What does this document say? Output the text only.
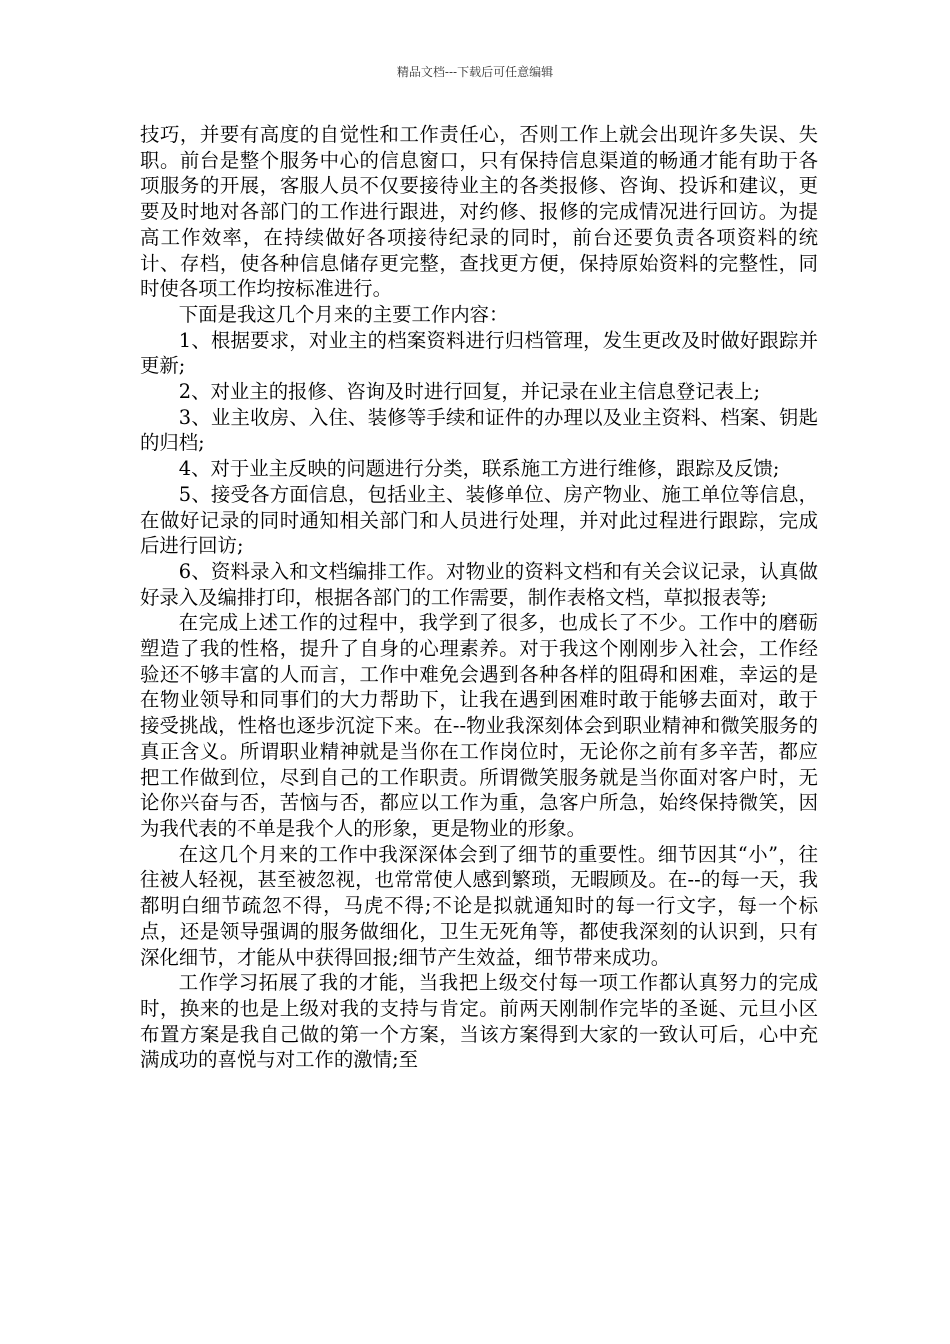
精品文档---下载后可任意编辑

技巧，并要有高度的自觉性和工作责任心，否则工作上就会出现许多失误、失职。前台是整个服务中心的信息窗口，只有保持信息渠道的畅通才能有助于各项服务的开展，客服人员不仅要接待业主的各类报修、咨询、投诉和建议，更要及时地对各部门的工作进行跟进，对约修、报修的完成情况进行回访。为提高工作效率，在持续做好各项接待纪录的同时，前台还要负责各项资料的统计、存档，使各种信息储存更完整，查找更方便，保持原始资料的完整性，同时使各项工作均按标准进行。

下面是我这几个月来的主要工作内容：

1、根据要求，对业主的档案资料进行归档管理，发生更改及时做好跟踪并更新;

2、对业主的报修、咨询及时进行回复，并记录在业主信息登记表上;

3、业主收房、入住、装修等手续和证件的办理以及业主资料、档案、钥匙的归档;

4、对于业主反映的问题进行分类，联系施工方进行维修，跟踪及反馈;

5、接受各方面信息，包括业主、装修单位、房产物业、施工单位等信息，在做好记录的同时通知相关部门和人员进行处理，并对此过程进行跟踪，完成后进行回访;

6、资料录入和文档编排工作。对物业的资料文档和有关会议记录，认真做好录入及编排打印，根据各部门的工作需要，制作表格文档，草拟报表等;

在完成上述工作的过程中，我学到了很多，也成长了不少。工作中的磨砺塑造了我的性格，提升了自身的心理素养。对于我这个刚刚步入社会，工作经验还不够丰富的人而言，工作中难免会遇到各种各样的阻碍和困难，幸运的是在物业领导和同事们的大力帮助下，让我在遇到困难时敢于能够去面对，敢于接受挑战，性格也逐步沉淀下来。在--物业我深刻体会到职业精神和微笑服务的真正含义。所谓职业精神就是当你在工作岗位时，无论你之前有多辛苦，都应把工作做到位，尽到自己的工作职责。所谓微笑服务就是当你面对客户时，无论你兴奋与否，苦恼与否，都应以工作为重，急客户所急，始终保持微笑，因为我代表的不单是我个人的形象，更是物业的形象。

在这几个月来的工作中我深深体会到了细节的重要性。细节因其“小”，往往被人轻视，甚至被忽视，也常常使人感到繁琐，无暇顾及。在--的每一天，我都明白细节疏忽不得，马虎不得;不论是拟就通知时的每一行文字，每一个标点，还是领导强调的服务做细化，卫生无死角等，都使我深刻的认识到，只有深化细节，才能从中获得回报;细节产生效益，细节带来成功。

工作学习拓展了我的才能，当我把上级交付每一项工作都认真努力的完成时，换来的也是上级对我的支持与肯定。前两天刚制作完毕的圣诞、元旦小区布置方案是我自己做的第一个方案，当该方案得到大家的一致认可后，心中充满成功的喜悦与对工作的激情;至
